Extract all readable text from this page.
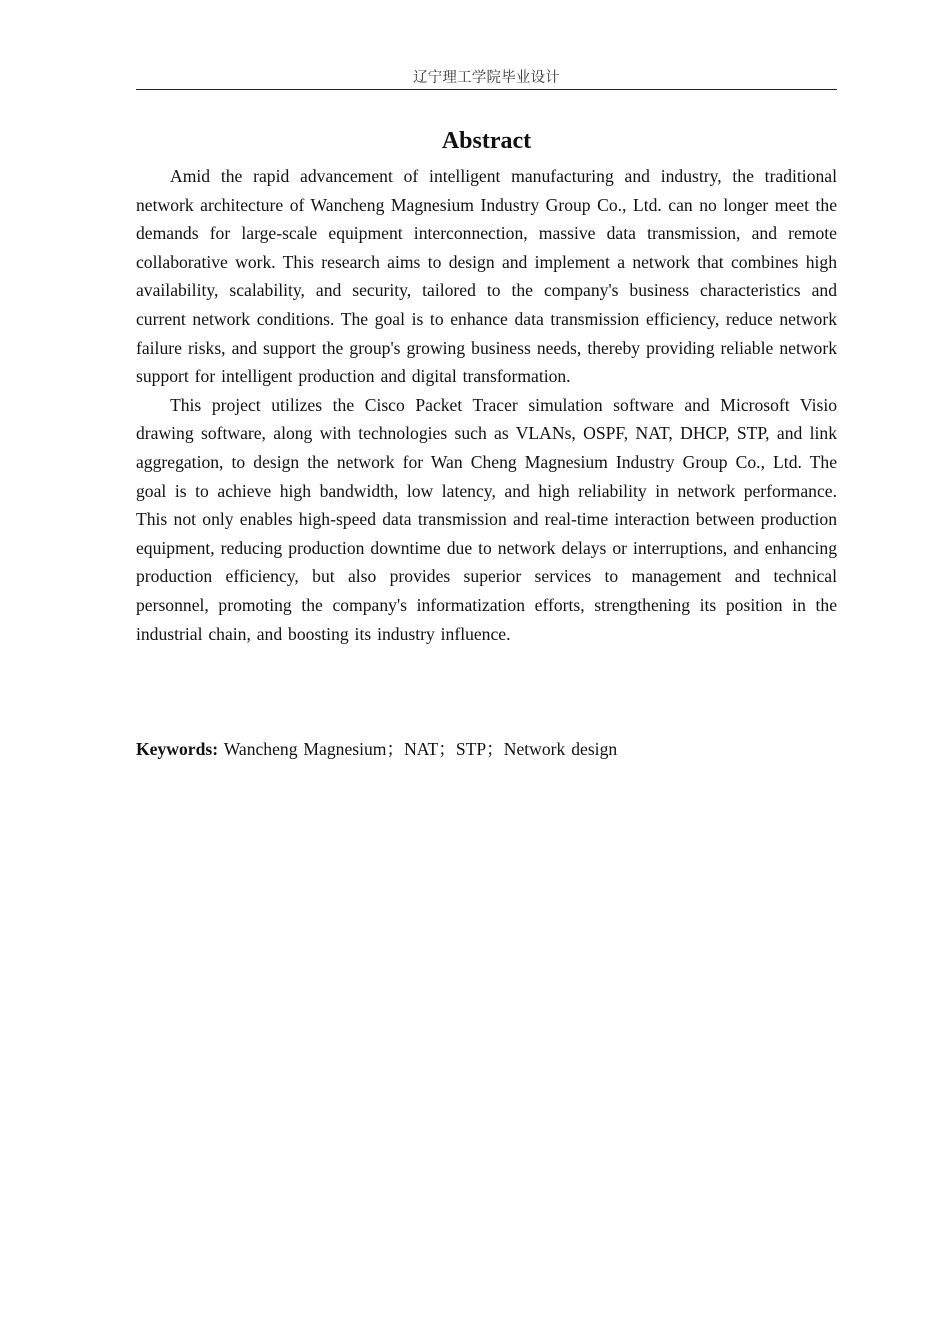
辽宁理工学院毕业设计
Abstract

Amid the rapid advancement of intelligent manufacturing and industry, the traditional network architecture of Wancheng Magnesium Industry Group Co., Ltd. can no longer meet the demands for large-scale equipment interconnection, massive data transmission, and remote collaborative work. This research aims to design and implement a network that combines high availability, scalability, and security, tailored to the company's business characteristics and current network conditions. The goal is to enhance data transmission efficiency, reduce network failure risks, and support the group's growing business needs, thereby providing reliable network support for intelligent production and digital transformation.

This project utilizes the Cisco Packet Tracer simulation software and Microsoft Visio drawing software, along with technologies such as VLANs, OSPF, NAT, DHCP, STP, and link aggregation, to design the network for Wan Cheng Magnesium Industry Group Co., Ltd. The goal is to achieve high bandwidth, low latency, and high reliability in network performance. This not only enables high-speed data transmission and real-time interaction between production equipment, reducing production downtime due to network delays or interruptions, and enhancing production efficiency, but also provides superior services to management and technical personnel, promoting the company's informatization efforts, strengthening its position in the industrial chain, and boosting its industry influence.

Keywords: Wancheng Magnesium；NAT；STP；Network design
